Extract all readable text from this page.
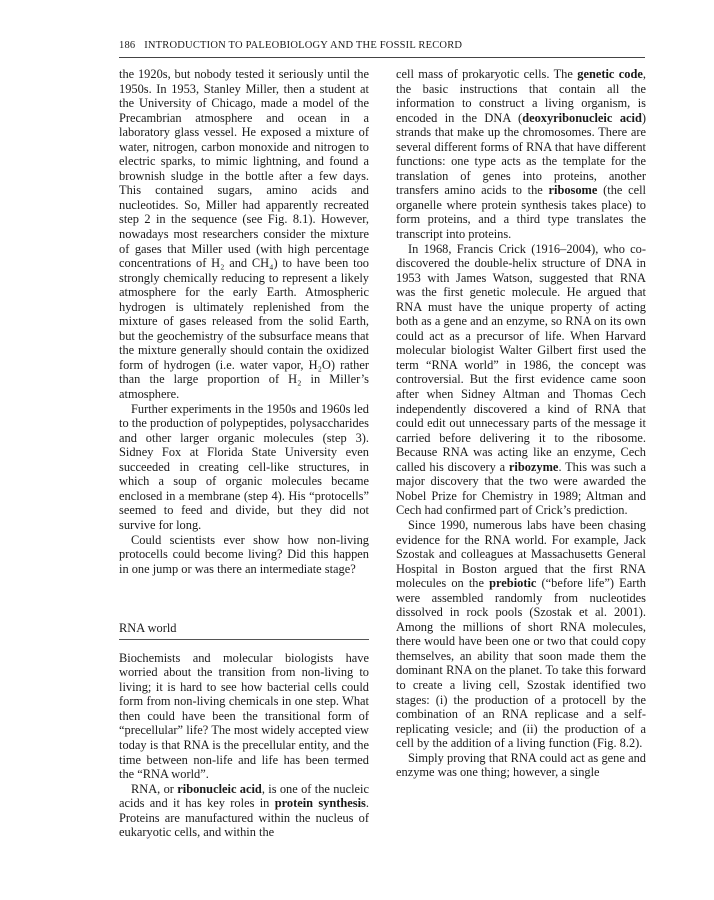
186 INTRODUCTION TO PALEOBIOLOGY AND THE FOSSIL RECORD

the 1920s, but nobody tested it seriously until the 1950s. In 1953, Stanley Miller, then a student at the University of Chicago, made a model of the Precambrian atmosphere and ocean in a laboratory glass vessel. He exposed a mixture of water, nitrogen, carbon monoxide and nitrogen to electric sparks, to mimic lightning, and found a brownish sludge in the bottle after a few days. This contained sugars, amino acids and nucleotides. So, Miller had apparently recreated step 2 in the sequence (see Fig. 8.1). However, nowadays most researchers consider the mixture of gases that Miller used (with high percentage concentrations of H₂ and CH₄) to have been too strongly chemically reducing to represent a likely atmosphere for the early Earth. Atmospheric hydrogen is ultimately replenished from the mixture of gases released from the solid Earth, but the geochemistry of the subsurface means that the mixture generally should contain the oxidized form of hydrogen (i.e. water vapor, H₂O) rather than the large proportion of H₂ in Miller’s atmosphere.

Further experiments in the 1950s and 1960s led to the production of polypeptides, polysaccharides and other larger organic molecules (step 3). Sidney Fox at Florida State University even succeeded in creating cell-like structures, in which a soup of organic molecules became enclosed in a membrane (step 4). His “protocells” seemed to feed and divide, but they did not survive for long.

Could scientists ever show how non-living protocells could become living? Did this happen in one jump or was there an intermediate stage?

RNA world

Biochemists and molecular biologists have worried about the transition from non-living to living; it is hard to see how bacterial cells could form from non-living chemicals in one step. What then could have been the transitional form of “precellular” life? The most widely accepted view today is that RNA is the precellular entity, and the time between non-life and life has been termed the “RNA world”.

RNA, or ribonucleic acid, is one of the nucleic acids and it has key roles in protein synthesis. Proteins are manufactured within the nucleus of eukaryotic cells, and within the

cell mass of prokaryotic cells. The genetic code, the basic instructions that contain all the information to construct a living organism, is encoded in the DNA (deoxyribonucleic acid) strands that make up the chromosomes. There are several different forms of RNA that have different functions: one type acts as the template for the translation of genes into proteins, another transfers amino acids to the ribosome (the cell organelle where protein synthesis takes place) to form proteins, and a third type translates the transcript into proteins.

In 1968, Francis Crick (1916–2004), who co-discovered the double-helix structure of DNA in 1953 with James Watson, suggested that RNA was the first genetic molecule. He argued that RNA must have the unique property of acting both as a gene and an enzyme, so RNA on its own could act as a precursor of life. When Harvard molecular biologist Walter Gilbert first used the term “RNA world” in 1986, the concept was controversial. But the first evidence came soon after when Sidney Altman and Thomas Cech independently discovered a kind of RNA that could edit out unnecessary parts of the message it carried before delivering it to the ribosome. Because RNA was acting like an enzyme, Cech called his discovery a ribozyme. This was such a major discovery that the two were awarded the Nobel Prize for Chemistry in 1989; Altman and Cech had confirmed part of Crick’s prediction.

Since 1990, numerous labs have been chasing evidence for the RNA world. For example, Jack Szostak and colleagues at Massachusetts General Hospital in Boston argued that the first RNA molecules on the prebiotic (“before life”) Earth were assembled randomly from nucleotides dissolved in rock pools (Szostak et al. 2001). Among the millions of short RNA molecules, there would have been one or two that could copy themselves, an ability that soon made them the dominant RNA on the planet. To take this forward to create a living cell, Szostak identified two stages: (i) the production of a protocell by the combination of an RNA replicase and a self-replicating vesicle; and (ii) the production of a cell by the addition of a living function (Fig. 8.2).

Simply proving that RNA could act as gene and enzyme was one thing; however, a single
